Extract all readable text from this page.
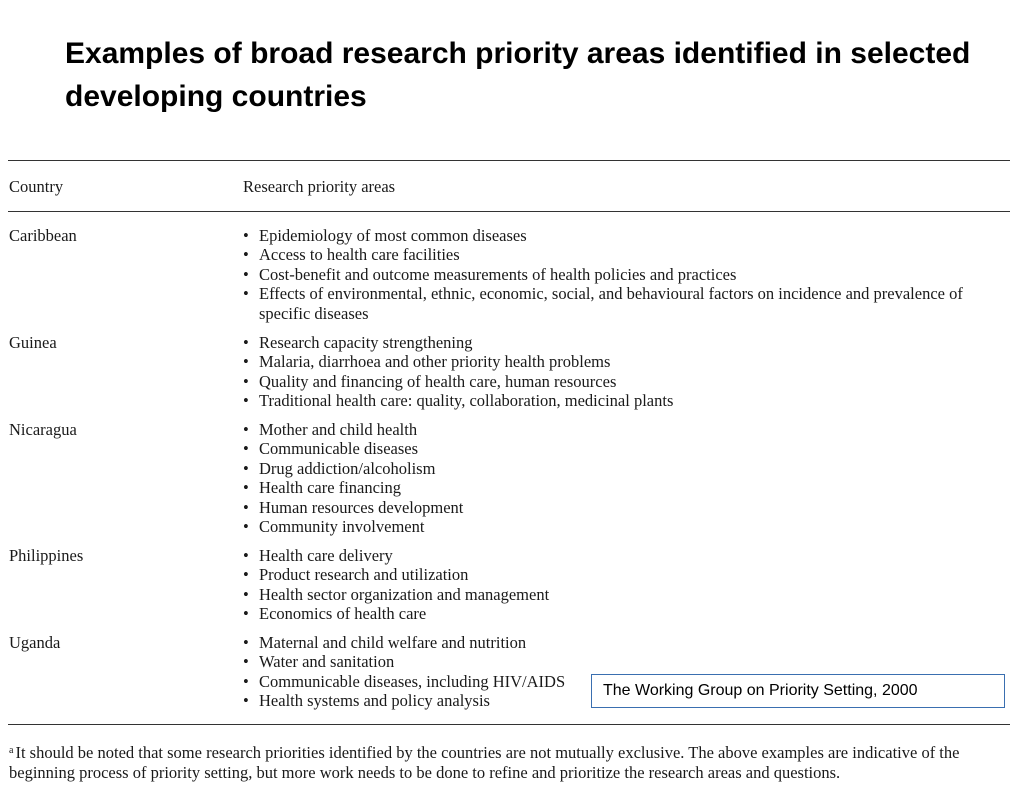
Examples of broad research priority areas identified in selected developing countries
Country	Research priority areas
Caribbean	• Epidemiology of most common diseases
• Access to health care facilities
• Cost-benefit and outcome measurements of health policies and practices
• Effects of environmental, ethnic, economic, social, and behavioural factors on incidence and prevalence of specific diseases
Guinea	• Research capacity strengthening
• Malaria, diarrhoea and other priority health problems
• Quality and financing of health care, human resources
• Traditional health care: quality, collaboration, medicinal plants
Nicaragua	• Mother and child health
• Communicable diseases
• Drug addiction/alcoholism
• Health care financing
• Human resources development
• Community involvement
Philippines	• Health care delivery
• Product research and utilization
• Health sector organization and management
• Economics of health care
Uganda	• Maternal and child welfare and nutrition
• Water and sanitation
• Communicable diseases, including HIV/AIDS
• Health systems and policy analysis
The Working Group on Priority Setting, 2000
$^a$ It should be noted that some research priorities identified by the countries are not mutually exclusive. The above examples are indicative of the beginning process of priority setting, but more work needs to be done to refine and prioritize the research areas and questions.
